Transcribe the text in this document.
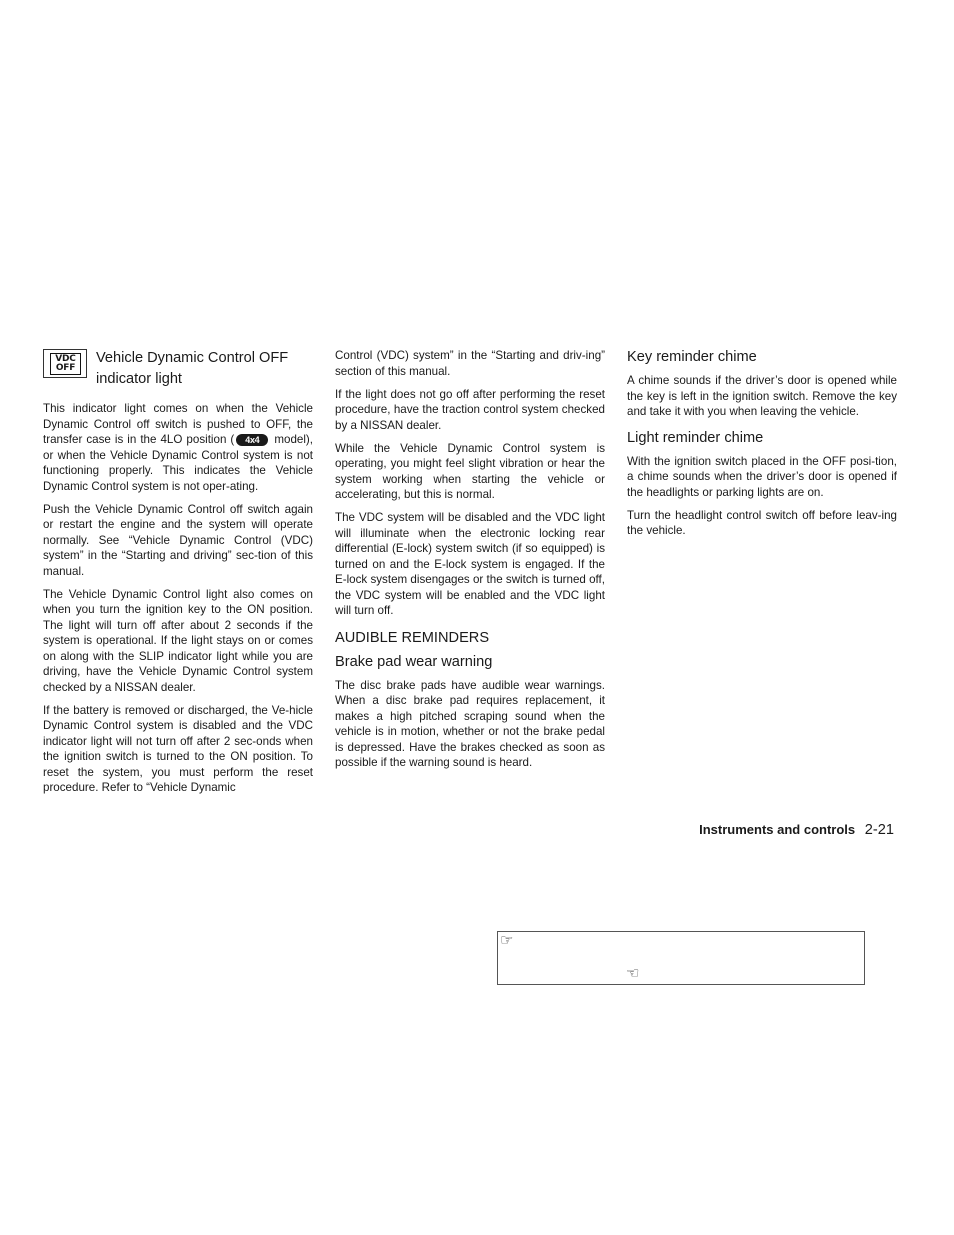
VDC
OFF
Vehicle Dynamic Control OFF indicator light

This indicator light comes on when the Vehicle Dynamic Control off switch is pushed to OFF, the transfer case is in the 4LO position ( 4x4 model), or when the Vehicle Dynamic Control system is not functioning properly. This indicates the Vehicle Dynamic Control system is not oper-ating.

Push the Vehicle Dynamic Control off switch again or restart the engine and the system will operate normally. See “Vehicle Dynamic Control (VDC) system” in the “Starting and driving” sec-tion of this manual.

The Vehicle Dynamic Control light also comes on when you turn the ignition key to the ON position. The light will turn off after about 2 seconds if the system is operational. If the light stays on or comes on along with the SLIP indicator light while you are driving, have the Vehicle Dynamic Control system checked by a NISSAN dealer.

If the battery is removed or discharged, the Ve-hicle Dynamic Control system is disabled and the VDC indicator light will not turn off after 2 sec-onds when the ignition switch is turned to the ON position. To reset the system, you must perform the reset procedure. Refer to “Vehicle Dynamic

Control (VDC) system” in the “Starting and driv-ing” section of this manual.

If the light does not go off after performing the reset procedure, have the traction control system checked by a NISSAN dealer.

While the Vehicle Dynamic Control system is operating, you might feel slight vibration or hear the system working when starting the vehicle or accelerating, but this is normal.

The VDC system will be disabled and the VDC light will illuminate when the electronic locking rear differential (E-lock) system switch (if so equipped) is turned on and the E-lock system is engaged. If the E-lock system disengages or the switch is turned off, the VDC system will be enabled and the VDC light will turn off.

AUDIBLE REMINDERS
Brake pad wear warning

The disc brake pads have audible wear warnings. When a disc brake pad requires replacement, it makes a high pitched scraping sound when the vehicle is in motion, whether or not the brake pedal is depressed. Have the brakes checked as soon as possible if the warning sound is heard.

Key reminder chime

A chime sounds if the driver’s door is opened while the key is left in the ignition switch. Remove the key and take it with you when leaving the vehicle.

Light reminder chime

With the ignition switch placed in the OFF posi-tion, a chime sounds when the driver’s door is opened if the headlights or parking lights are on.

Turn the headlight control switch off before leav-ing the vehicle.

Instruments and controls 2-21
☞
☜
